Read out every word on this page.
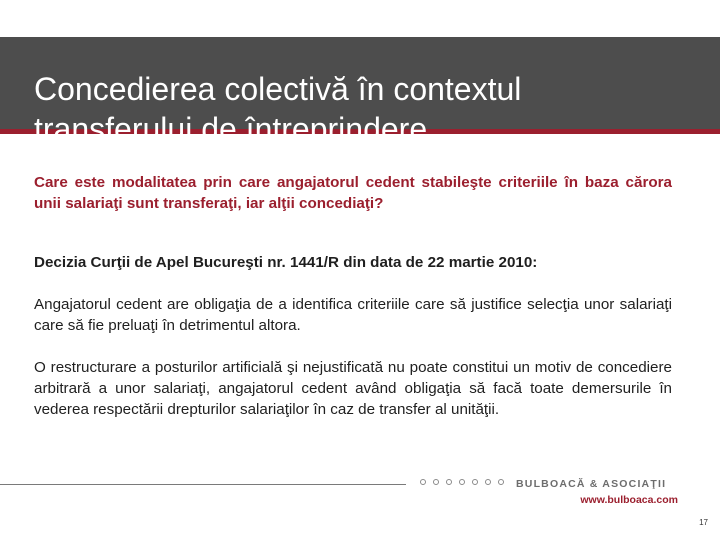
Concedierea colectivă în contextul transferului de întreprindere

Care este modalitatea prin care angajatorul cedent stabileşte criteriile în baza cărora unii salariaţi sunt transferaţi, iar alţii concediaţi?

Decizia Curţii de Apel Bucureşti nr. 1441/R din data de 22 martie 2010:

Angajatorul cedent are obligaţia de a identifica criteriile care să justifice selecţia unor salariaţi care să fie preluaţi în detrimentul altora.

O restructurare a posturilor artificială şi nejustificată nu poate constitui un motiv de concediere arbitrară a unor salariaţi, angajatorul cedent având obligaţia să facă toate demersurile în vederea respectării drepturilor salariaţilor în caz de transfer al unităţii.

BULBOACĂ & ASOCIAŢII
www.bulboaca.com
17
